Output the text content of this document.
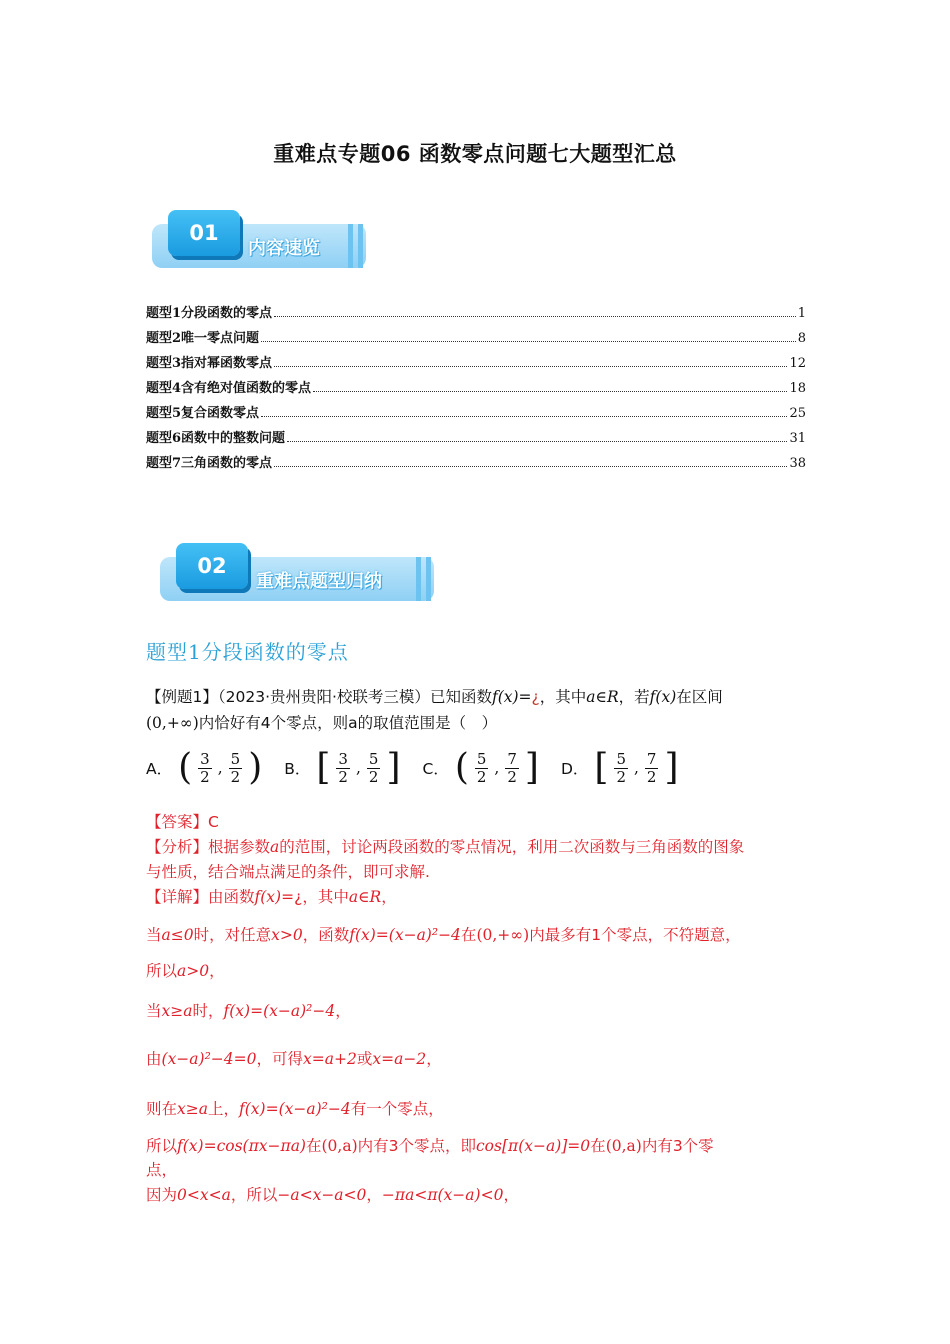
重难点专题06 函数零点问题七大题型汇总
01
内容速览
题型1分段函数的零点	1
题型2唯一零点问题	8
题型3指对幂函数零点	12
题型4含有绝对值函数的零点	18
题型5复合函数零点	25
题型6函数中的整数问题	31
题型7三角函数的零点	38
02
重难点题型归纳
题型1分段函数的零点
【例题1】（2023·贵州贵阳·校联考三模）已知函数f(x)=¿，其中a∈R，若f(x)在区间
(0,+∞)内恰好有4个零点，则a的取值范围是（　）
A． ( $\frac{3}{2}$ , $\frac{5}{2}$ ) B． [ $\frac{3}{2}$ , $\frac{5}{2}$ ] C． ( $\frac{5}{2}$ , $\frac{7}{2}$ ] D． [ $\frac{5}{2}$ , $\frac{7}{2}$ ]
【答案】C
【分析】根据参数a的范围，讨论两段函数的零点情况，利用二次函数与三角函数的图象
与性质，结合端点满足的条件，即可求解.
【详解】由函数f(x)=¿，其中a∈R，
当a≤0时，对任意x>0，函数f(x)=(x−a)²−4在(0,+∞)内最多有1个零点，不符题意，
所以a>0，
当x≥a时，f(x)=(x−a)²−4，
由(x−a)²−4=0，可得x=a+2或x=a−2，
则在x≥a上，f(x)=(x−a)²−4有一个零点，
所以f(x)=cos(πx−πa)在(0,a)内有3个零点，即cos[π(x−a)]=0在(0,a)内有3个零
点，
因为0<x<a，所以−a<x−a<0，−πa<π(x−a)<0，
